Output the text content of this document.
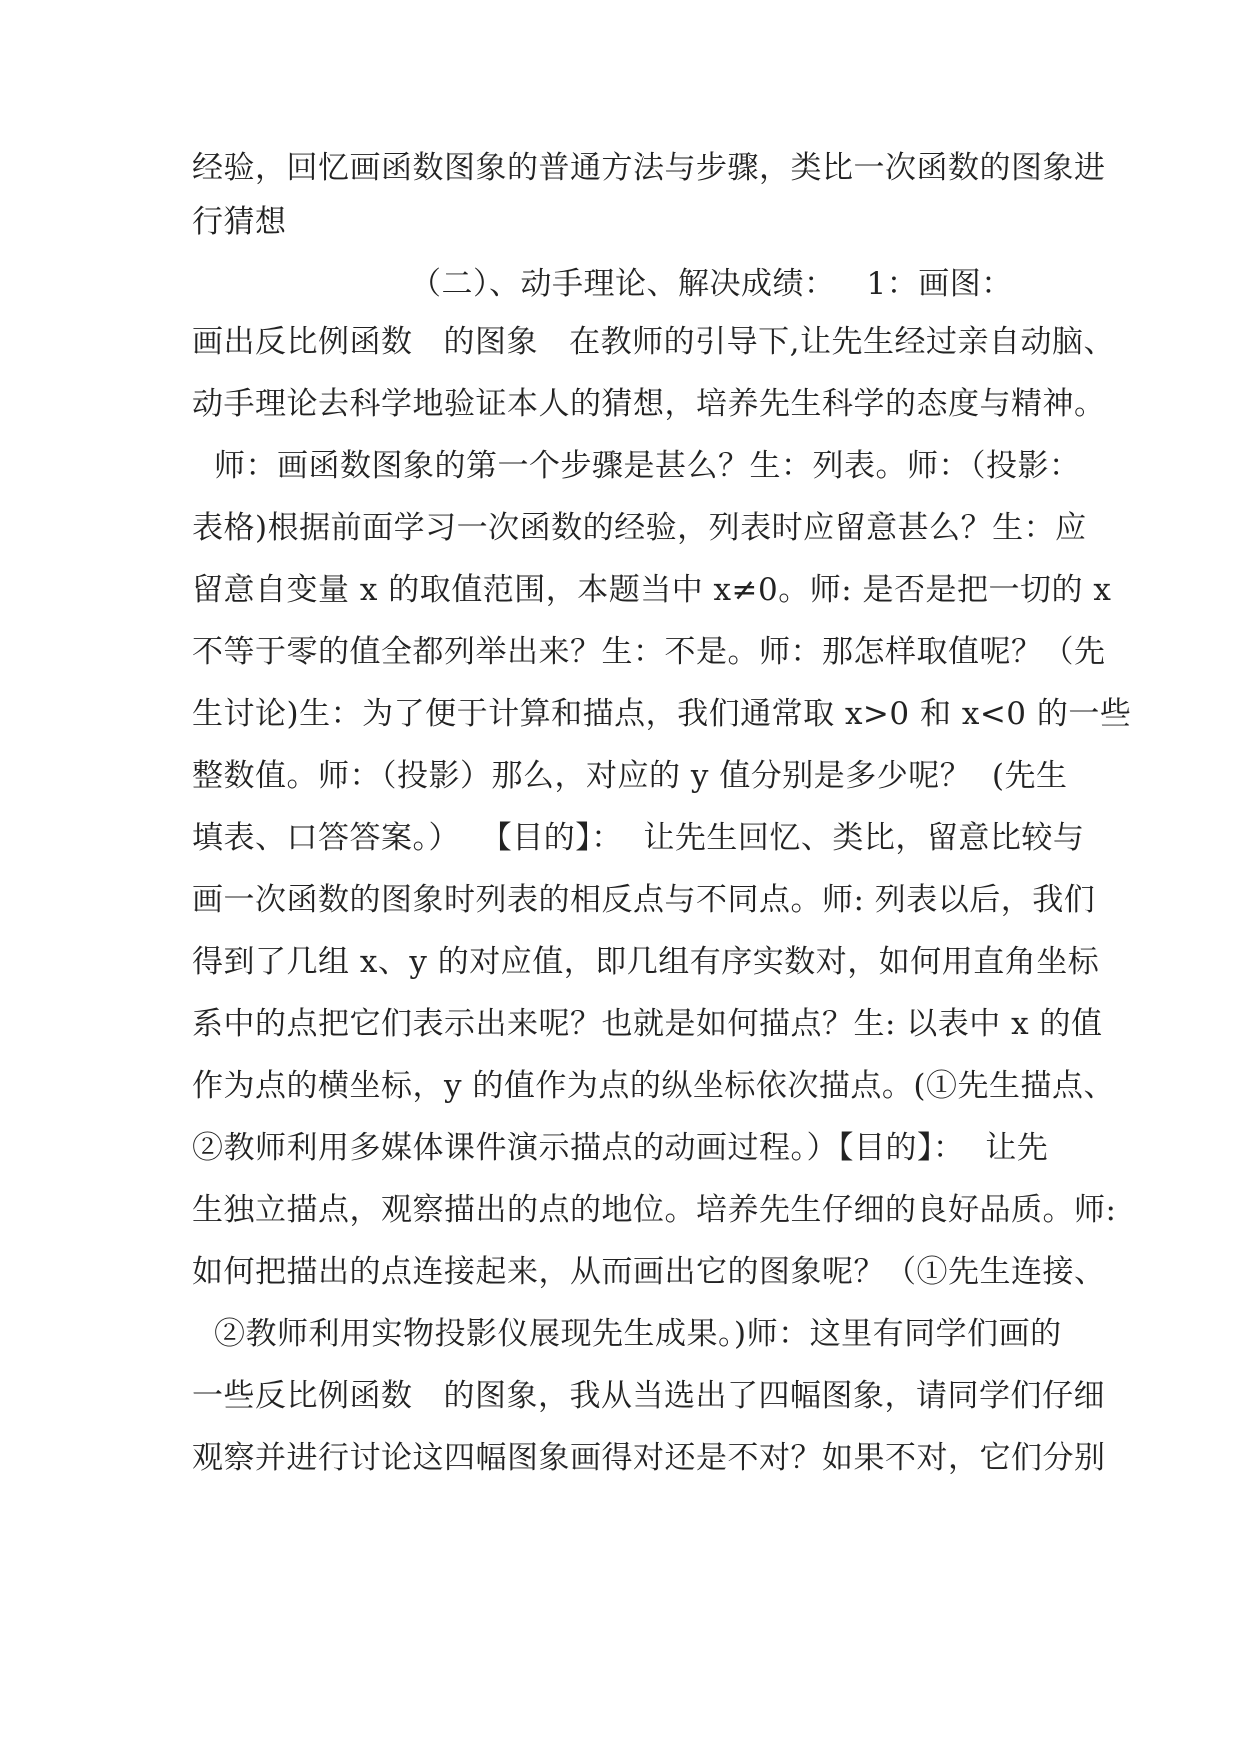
经验，回忆画函数图象的普通方法与步骤，类比一次函数的图象进
行猜想
（二）、动手理论、解决成绩：   1：画图：
画出反比例函数   的图象   在教师的引导下,让先生经过亲自动脑、
动手理论去科学地验证本人的猜想，培养先生科学的态度与精神。
师：画函数图象的第一个步骤是甚么？生：列表。师：（投影：
表格)根据前面学习一次函数的经验，列表时应留意甚么？生：应
留意自变量 x 的取值范围，本题当中 x≠0。师: 是否是把一切的 x
不等于零的值全都列举出来？生：不是。师：那怎样取值呢？（先
生讨论)生：为了便于计算和描点，我们通常取 x>0 和 x<0 的一些
整数值。师：（投影）那么，对应的 y 值分别是多少呢？  (先生
填表、口答答案。）  【目的】：  让先生回忆、类比，留意比较与
画一次函数的图象时列表的相反点与不同点。师: 列表以后，我们
得到了几组 x、y 的对应值，即几组有序实数对，如何用直角坐标
系中的点把它们表示出来呢？也就是如何描点？生: 以表中 x 的值
作为点的横坐标，y 的值作为点的纵坐标依次描点。(①先生描点、
②教师利用多媒体课件演示描点的动画过程。）【目的】：  让先
生独立描点，观察描出的点的地位。培养先生仔细的良好品质。师:
如何把描出的点连接起来，从而画出它的图象呢？（①先生连接、
②教师利用实物投影仪展现先生成果。)师：这里有同学们画的
一些反比例函数   的图象，我从当选出了四幅图象，请同学们仔细
观察并进行讨论这四幅图象画得对还是不对？如果不对，它们分别
